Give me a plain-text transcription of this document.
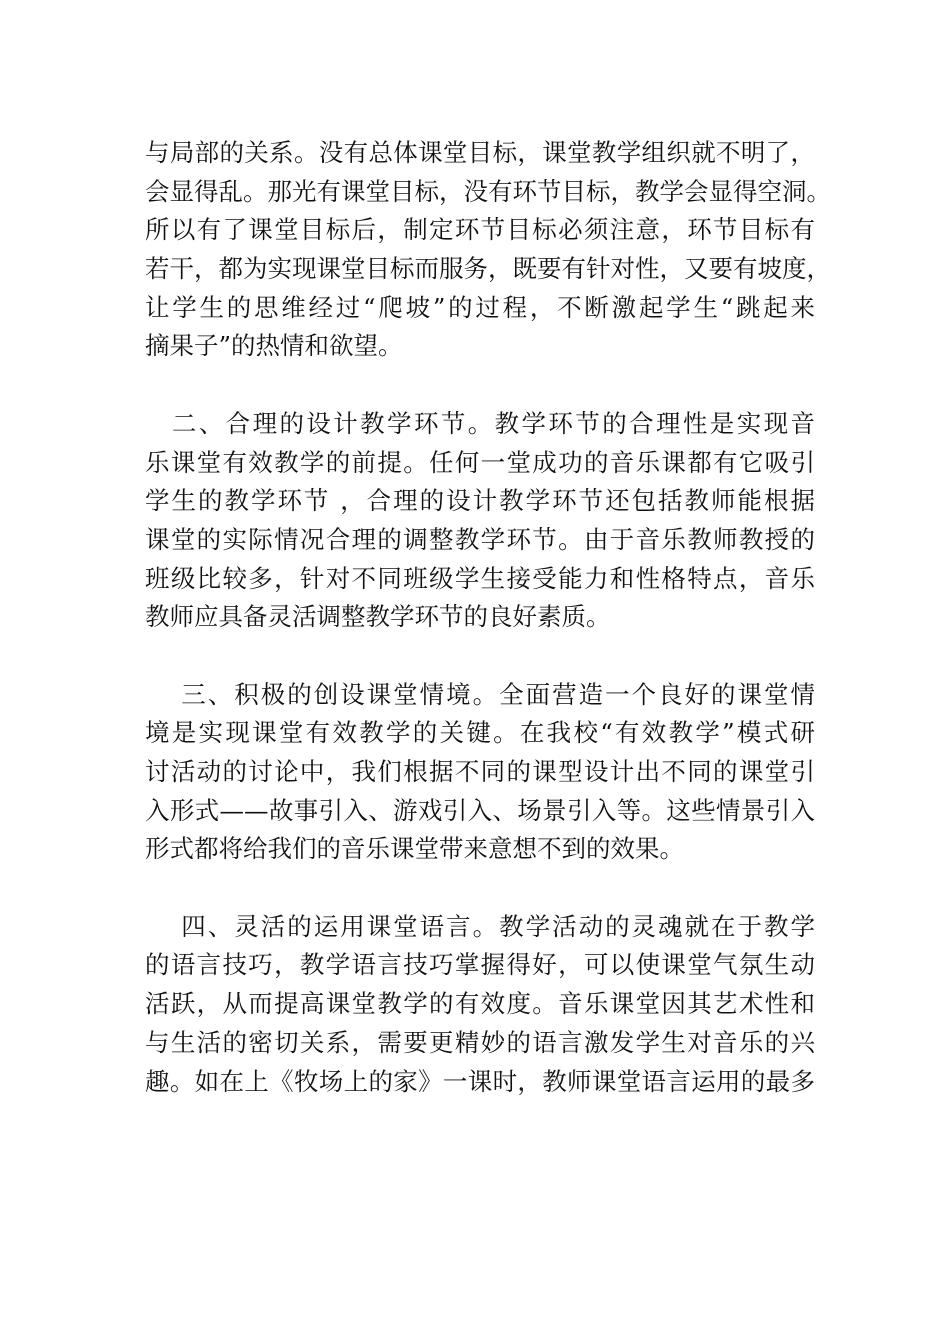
与局部的关系。没有总体课堂目标，课堂教学组织就不明了，
会显得乱。那光有课堂目标，没有环节目标，教学会显得空洞。
所以有了课堂目标后，制定环节目标必须注意，环节目标有
若干，都为实现课堂目标而服务，既要有针对性，又要有坡度，
让学生的思维经过“爬坡”的过程，不断激起学生“跳起来
摘果子”的热情和欲望。
　二、合理的设计教学环节。教学环节的合理性是实现音
乐课堂有效教学的前提。任何一堂成功的音乐课都有它吸引
学生的教学环节 ，合理的设计教学环节还包括教师能根据
课堂的实际情况合理的调整教学环节。由于音乐教师教授的
班级比较多，针对不同班级学生接受能力和性格特点，音乐
教师应具备灵活调整教学环节的良好素质。
　 三、积极的创设课堂情境。全面营造一个良好的课堂情
境是实现课堂有效教学的关键。在我校“有效教学”模式研
讨活动的讨论中，我们根据不同的课型设计出不同的课堂引
入形式——故事引入、游戏引入、场景引入等。这些情景引入
形式都将给我们的音乐课堂带来意想不到的效果。
　 四、灵活的运用课堂语言。教学活动的灵魂就在于教学
的语言技巧，教学语言技巧掌握得好，可以使课堂气氛生动
活跃，从而提高课堂教学的有效度。音乐课堂因其艺术性和
与生活的密切关系，需要更精妙的语言激发学生对音乐的兴
趣。如在上《牧场上的家》一课时，教师课堂语言运用的最多
